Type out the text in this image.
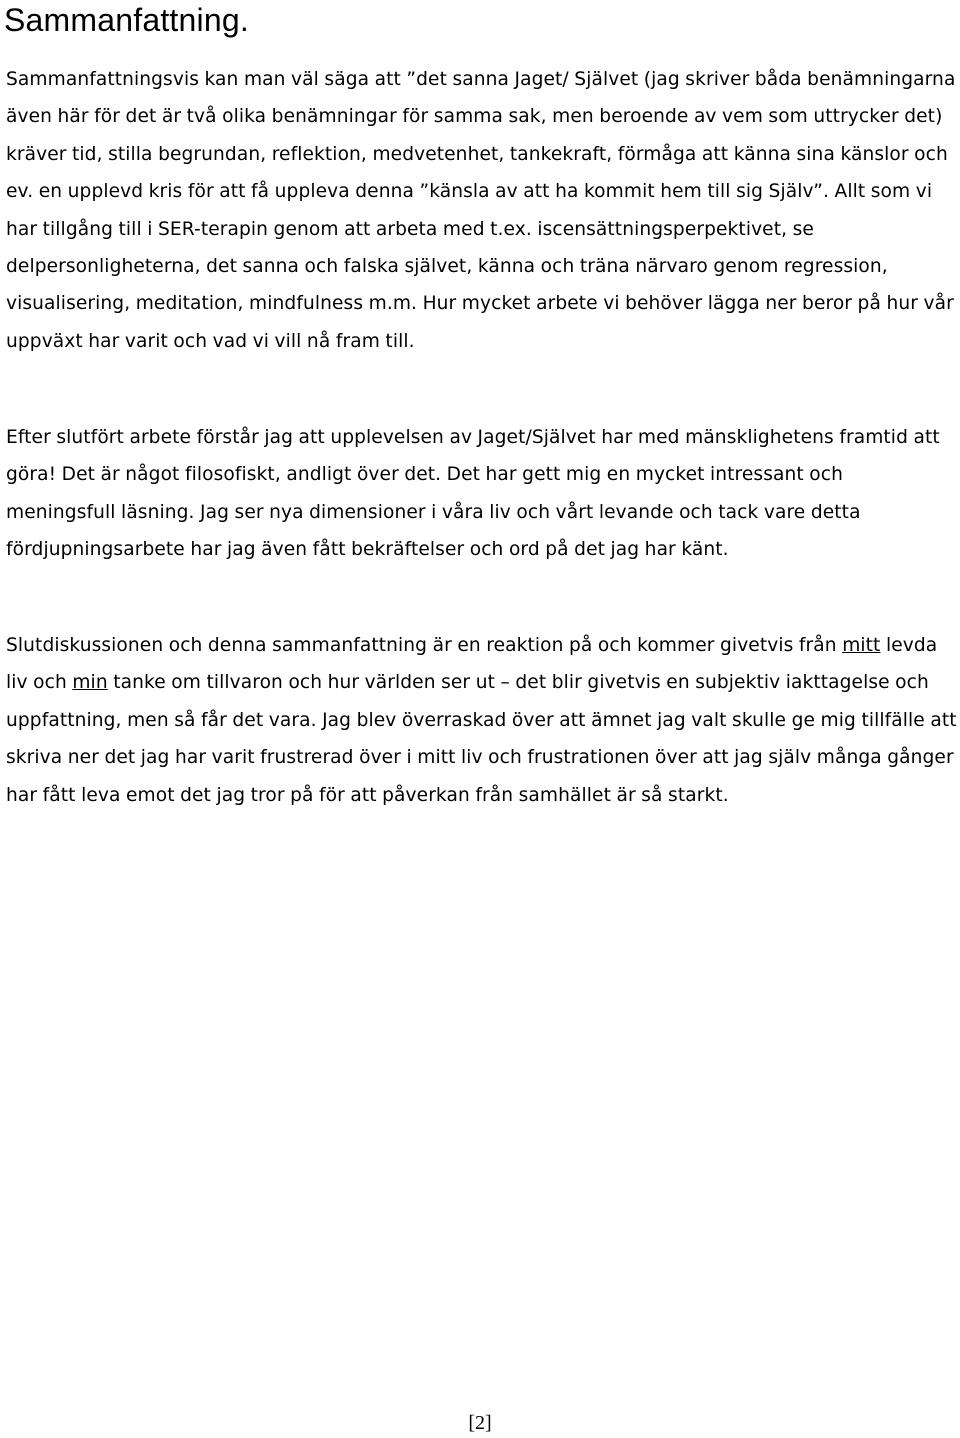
Sammanfattning.

Sammanfattningsvis kan man väl säga att ”det sanna Jaget/ Självet (jag skriver båda benämningarna även här för det är två olika benämningar för samma sak, men beroende av vem som uttrycker det) kräver tid, stilla begrundan, reflektion, medvetenhet, tankekraft, förmåga att känna sina känslor och ev. en upplevd kris för att få uppleva denna ”känsla av att ha kommit hem till sig Själv”. Allt som vi har tillgång till i SER-terapin genom att arbeta med t.ex. iscensättningsperpektivet, se delpersonligheterna, det sanna och falska självet, känna och träna närvaro genom regression, visualisering, meditation, mindfulness m.m. Hur mycket arbete vi behöver lägga ner beror på hur vår uppväxt har varit och vad vi vill nå fram till.

Efter slutfört arbete förstår jag att upplevelsen av Jaget/Självet har med mänsklighetens framtid att göra! Det är något filosofiskt, andligt över det. Det har gett mig en mycket intressant och meningsfull läsning. Jag ser nya dimensioner i våra liv och vårt levande och tack vare detta fördjupningsarbete har jag även fått bekräftelser och ord på det jag har känt.

Slutdiskussionen och denna sammanfattning är en reaktion på och kommer givetvis från mitt levda liv och min tanke om tillvaron och hur världen ser ut – det blir givetvis en subjektiv iakttagelse och uppfattning, men så får det vara. Jag blev överraskad över att ämnet jag valt skulle ge mig tillfälle att skriva ner det jag har varit frustrerad över i mitt liv och frustrationen över att jag själv många gånger har fått leva emot det jag tror på för att påverkan från samhället är så starkt.

[2]
